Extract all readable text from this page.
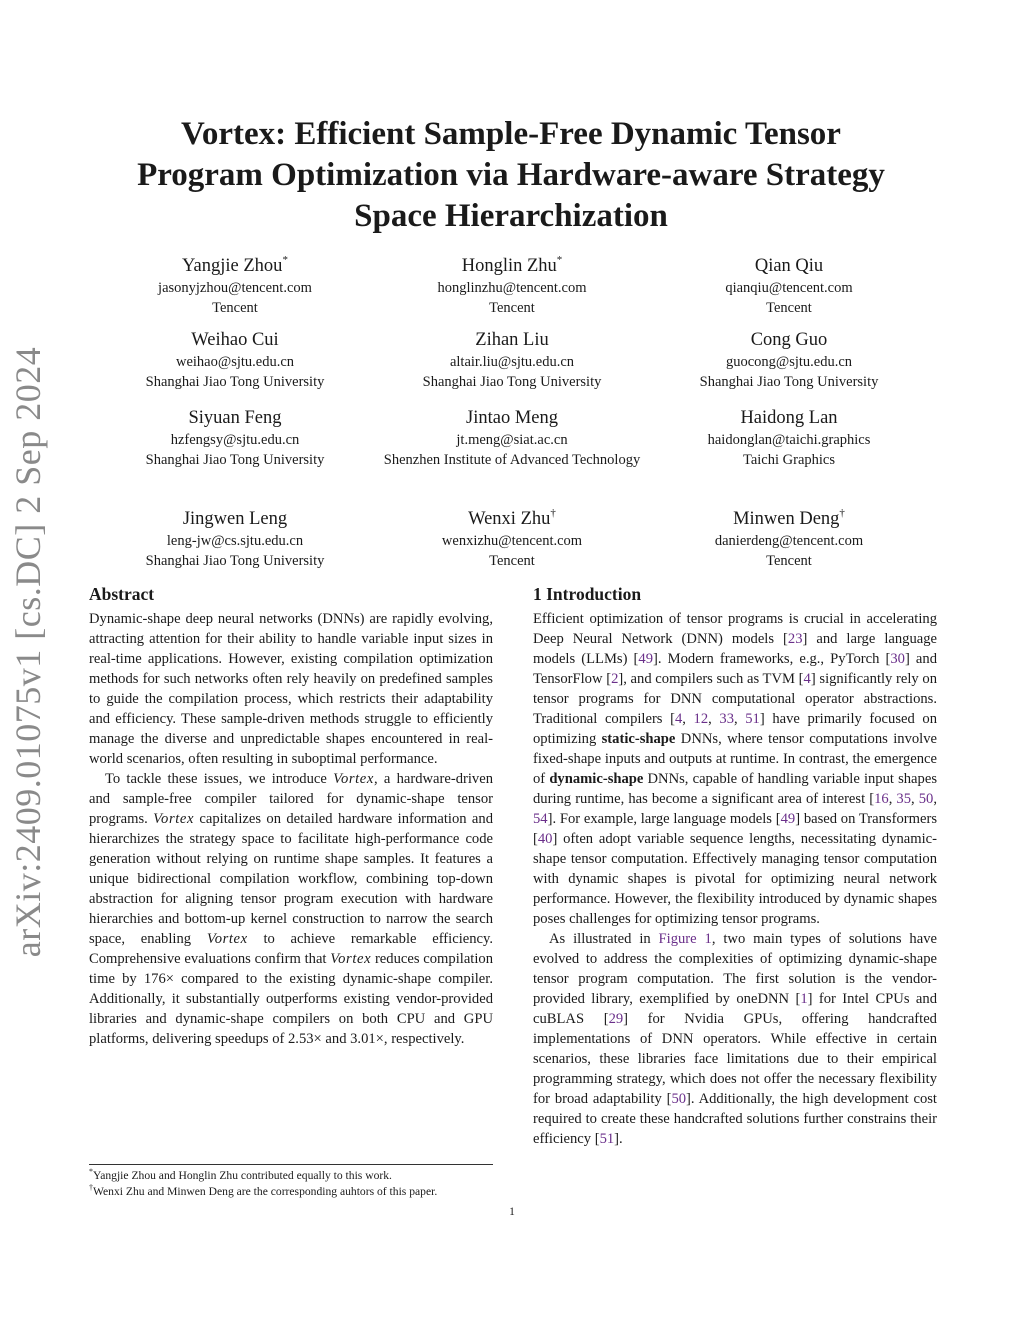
arXiv:2409.01075v1 [cs.DC] 2 Sep 2024
Vortex: Efficient Sample-Free Dynamic Tensor Program Optimization via Hardware-aware Strategy Space Hierarchization
Yangjie Zhou*
jasonyjzhou@tencent.com
Tencent
Honglin Zhu*
honglinzhu@tencent.com
Tencent
Qian Qiu
qianqiu@tencent.com
Tencent
Weihao Cui
weihao@sjtu.edu.cn
Shanghai Jiao Tong University
Zihan Liu
altair.liu@sjtu.edu.cn
Shanghai Jiao Tong University
Cong Guo
guocong@sjtu.edu.cn
Shanghai Jiao Tong University
Siyuan Feng
hzfengsy@sjtu.edu.cn
Shanghai Jiao Tong University
Jintao Meng
jt.meng@siat.ac.cn
Shenzhen Institute of Advanced Technology
Haidong Lan
haidonglan@taichi.graphics
Taichi Graphics
Jingwen Leng
leng-jw@cs.sjtu.edu.cn
Shanghai Jiao Tong University
Wenxi Zhu†
wenxizhu@tencent.com
Tencent
Minwen Deng†
danierdeng@tencent.com
Tencent
Abstract

Dynamic-shape deep neural networks (DNNs) are rapidly evolving, attracting attention for their ability to handle variable input sizes in real-time applications. However, existing compilation optimization methods for such networks often rely heavily on predefined samples to guide the compilation process, which restricts their adaptability and efficiency. These sample-driven methods struggle to efficiently manage the diverse and unpredictable shapes encountered in real-world scenarios, often resulting in suboptimal performance.

To tackle these issues, we introduce Vortex, a hardware-driven and sample-free compiler tailored for dynamic-shape tensor programs. Vortex capitalizes on detailed hardware information and hierarchizes the strategy space to facilitate high-performance code generation without relying on runtime shape samples. It features a unique bidirectional compilation workflow, combining top-down abstraction for aligning tensor program execution with hardware hierarchies and bottom-up kernel construction to narrow the search space, enabling Vortex to achieve remarkable efficiency. Comprehensive evaluations confirm that Vortex reduces compilation time by 176× compared to the existing dynamic-shape compiler. Additionally, it substantially outperforms existing vendor-provided libraries and dynamic-shape compilers on both CPU and GPU platforms, delivering speedups of 2.53× and 3.01×, respectively.

1 Introduction

Efficient optimization of tensor programs is crucial in accelerating Deep Neural Network (DNN) models [23] and large language models (LLMs) [49]. Modern frameworks, e.g., PyTorch [30] and TensorFlow [2], and compilers such as TVM [4] significantly rely on tensor programs for DNN computational operator abstractions. Traditional compilers [4, 12, 33, 51] have primarily focused on optimizing static-shape DNNs, where tensor computations involve fixed-shape inputs and outputs at runtime. In contrast, the emergence of dynamic-shape DNNs, capable of handling variable input shapes during runtime, has become a significant area of interest [16, 35, 50, 54]. For example, large language models [49] based on Transformers [40] often adopt variable sequence lengths, necessitating dynamic-shape tensor computation. Effectively managing tensor computation with dynamic shapes is pivotal for optimizing neural network performance. However, the flexibility introduced by dynamic shapes poses challenges for optimizing tensor programs.

As illustrated in Figure 1, two main types of solutions have evolved to address the complexities of optimizing dynamic-shape tensor program computation. The first solution is the vendor-provided library, exemplified by oneDNN [1] for Intel CPUs and cuBLAS [29] for Nvidia GPUs, offering handcrafted implementations of DNN operators. While effective in certain scenarios, these libraries face limitations due to their empirical programming strategy, which does not offer the necessary flexibility for broad adaptability [50]. Additionally, the high development cost required to create these handcrafted solutions further constrains their efficiency [51].

*Yangjie Zhou and Honglin Zhu contributed equally to this work.
†Wenxi Zhu and Minwen Deng are the corresponding auhtors of this paper.
1
